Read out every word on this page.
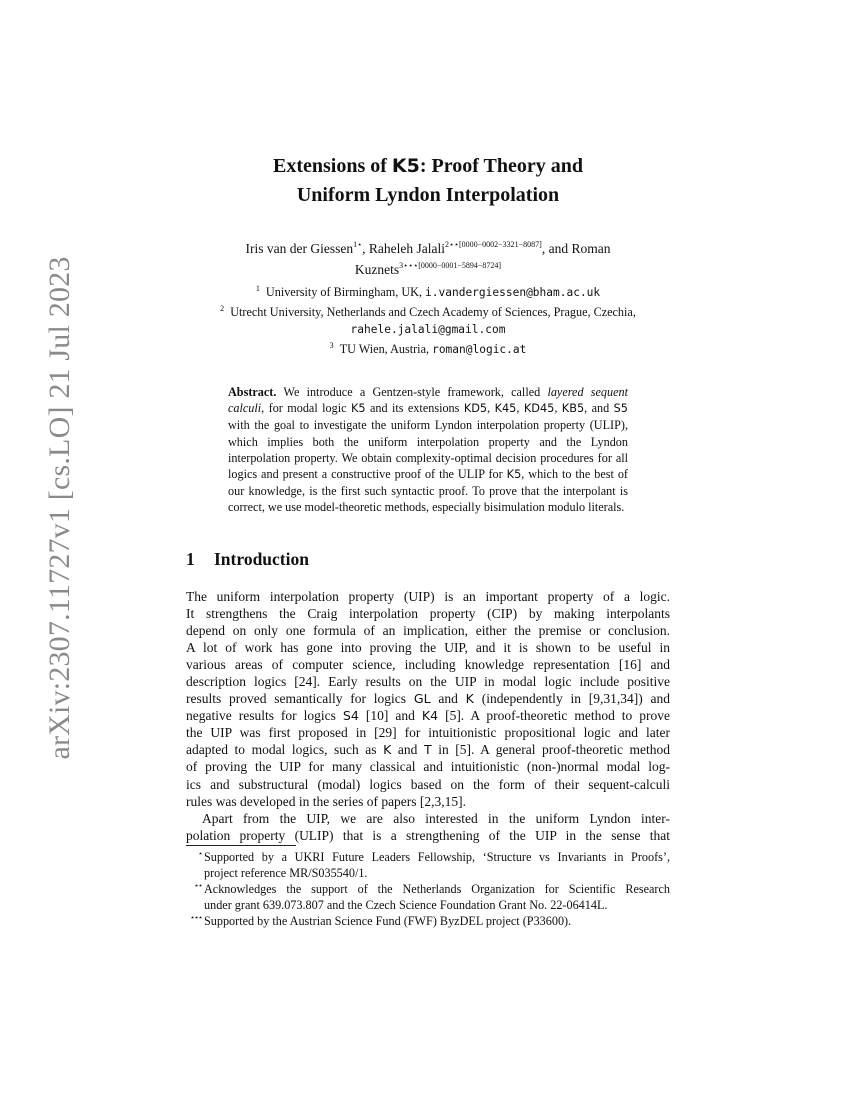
arXiv:2307.11727v1 [cs.LO] 21 Jul 2023
Extensions of K5: Proof Theory and
Uniform Lyndon Interpolation
Iris van der Giessen$^{1⋆}$, Raheleh Jalali$^{2⋆⋆[0000-0002-3321-8087]}$, and Roman
Kuznets$^{3⋆⋆⋆[0000-0001-5894-8724]}$
$^1$ University of Birmingham, UK, i.vandergiessen@bham.ac.uk
$^2$ Utrecht University, Netherlands and Czech Academy of Sciences, Prague, Czechia,
rahele.jalali@gmail.com
$^3$ TU Wien, Austria, roman@logic.at
Abstract. We introduce a Gentzen-style framework, called layered sequent calculi, for modal logic K5 and its extensions KD5, K45, KD45, KB5, and S5 with the goal to investigate the uniform Lyndon interpolation property (ULIP), which implies both the uniform interpolation property and the Lyndon interpolation property. We obtain complexity-optimal decision procedures for all logics and present a constructive proof of the ULIP for K5, which to the best of our knowledge, is the first such syntactic proof. To prove that the interpolant is correct, we use model-theoretic methods, especially bisimulation modulo literals.
1 Introduction
The uniform interpolation property (UIP) is an important property of a logic.
It strengthens the Craig interpolation property (CIP) by making interpolants
depend on only one formula of an implication, either the premise or conclusion.
A lot of work has gone into proving the UIP, and it is shown to be useful in
various areas of computer science, including knowledge representation [16] and
description logics [24]. Early results on the UIP in modal logic include positive
results proved semantically for logics GL and K (independently in [9,31,34]) and
negative results for logics S4 [10] and K4 [5]. A proof-theoretic method to prove
the UIP was first proposed in [29] for intuitionistic propositional logic and later
adapted to modal logics, such as K and T in [5]. A general proof-theoretic method
of proving the UIP for many classical and intuitionistic (non-)normal modal log-
ics and substructural (modal) logics based on the form of their sequent-calculi
rules was developed in the series of papers [2,3,15].
Apart from the UIP, we are also interested in the uniform Lyndon inter-
polation property (ULIP) that is a strengthening of the UIP in the sense that
⋆ Supported by a UKRI Future Leaders Fellowship, ‘Structure vs Invariants in Proofs’,
project reference MR/S035540/1.
⋆⋆ Acknowledges the support of the Netherlands Organization for Scientific Research
under grant 639.073.807 and the Czech Science Foundation Grant No. 22-06414L.
⋆⋆⋆ Supported by the Austrian Science Fund (FWF) ByzDEL project (P33600).
